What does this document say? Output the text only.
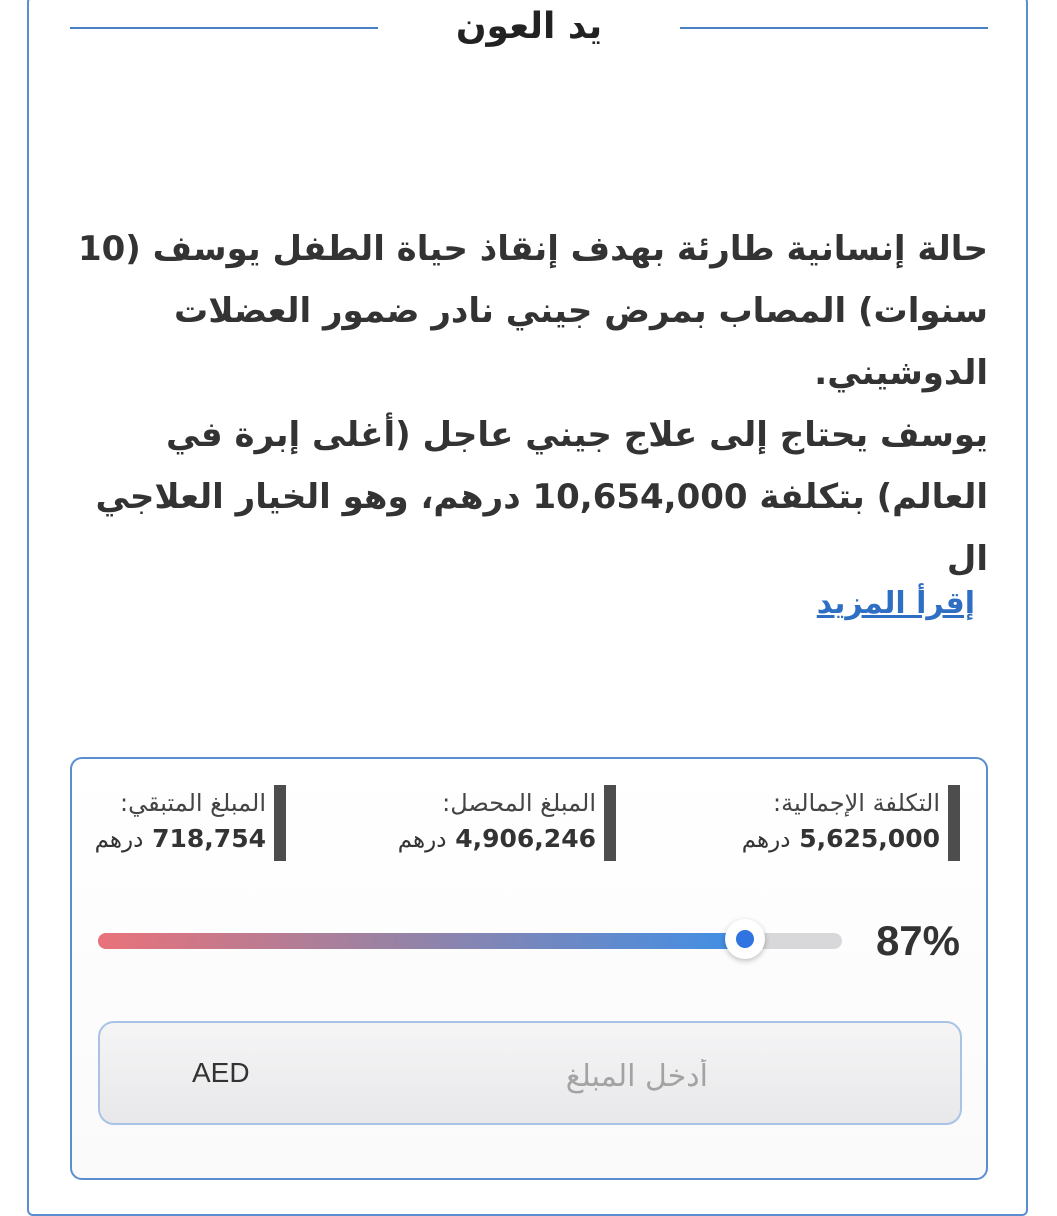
يد العون

حالة إنسانية طارئة بهدف إنقاذ حياة الطفل يوسف (10 سنوات) المصاب بمرض جيني نادر ضمور العضلات الدوشيني.

يوسف يحتاج إلى علاج جيني عاجل (أغلى إبرة في العالم) بتكلفة 10,654,000 درهم، وهو الخيار العلاجي ال

إقرأ المزيد
التكلفة الإجمالية:
5,625,000 درهم
المبلغ المحصل:
4,906,246 درهم
المبلغ المتبقي:
718,754 درهم
87%
أدخل المبلغ
AED
